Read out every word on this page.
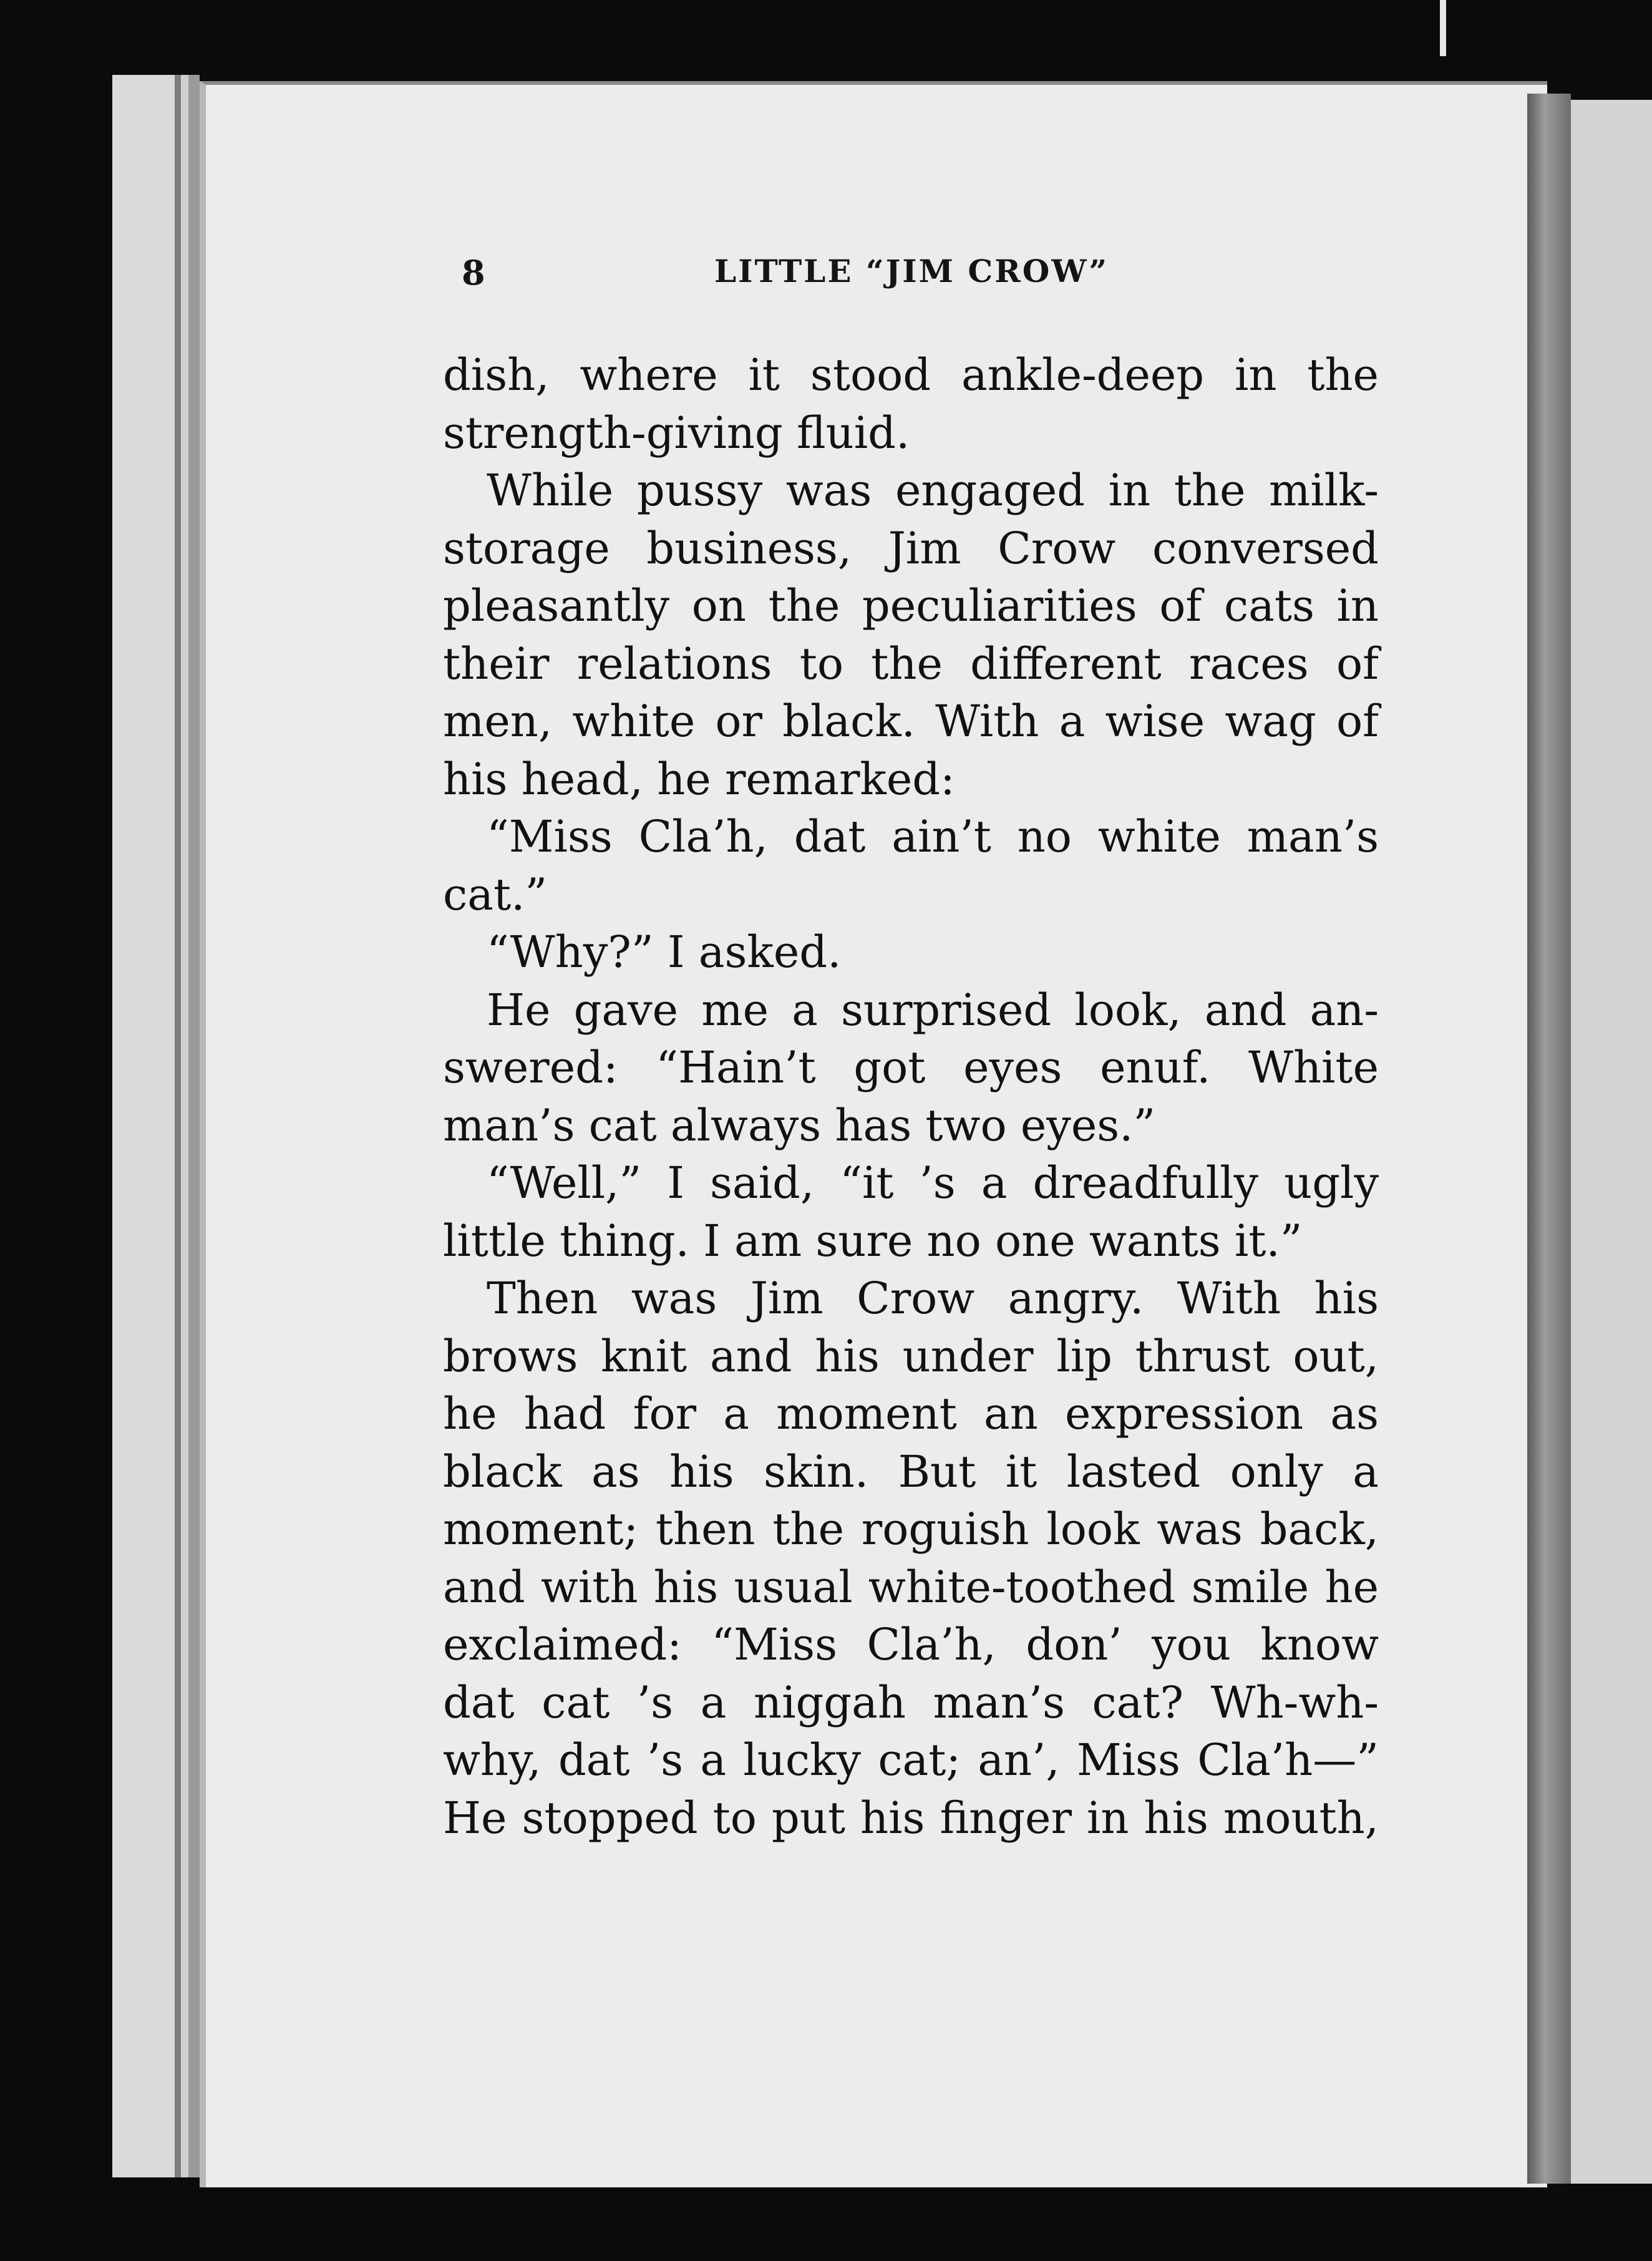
8	LITTLE “JIM CROW”
dish, where it stood ankle-deep in the
strength-giving fluid.
While pussy was engaged in the milk-
storage business, Jim Crow conversed
pleasantly on the peculiarities of cats in
their relations to the different races of
men, white or black. With a wise wag of
his head, he remarked:
“Miss Cla’h, dat ain’t no white man’s
cat.”
“Why?” I asked.
He gave me a surprised look, and an-
swered: “Hain’t got eyes enuf. White
man’s cat always has two eyes.”
“Well,” I said, “it ’s a dreadfully ugly
little thing. I am sure no one wants it.”
Then was Jim Crow angry. With his
brows knit and his under lip thrust out,
he had for a moment an expression as
black as his skin. But it lasted only a
moment; then the roguish look was back,
and with his usual white-toothed smile he
exclaimed: “Miss Cla’h, don’ you know
dat cat ’s a niggah man’s cat? Wh-wh-
why, dat ’s a lucky cat; an’, Miss Cla’h—”
He stopped to put his finger in his mouth,
